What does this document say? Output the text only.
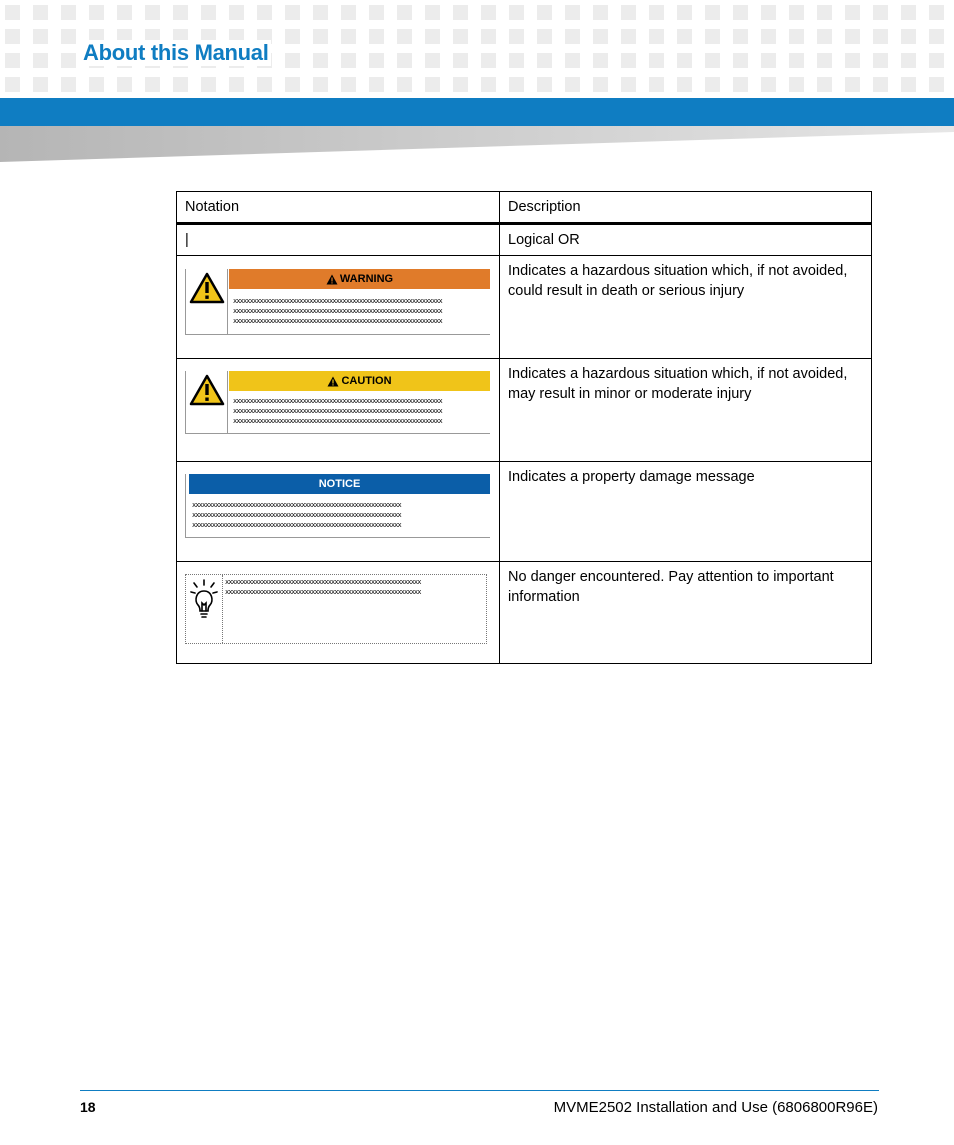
About this Manual
Notation	Description
|	Logical OR

WARNING
xxxxxxxxxxxxxxxxxxxxxxxxxxxxxxxxxxxxxxxxxxxxxxxxxxxxxxxxxxxxxxx
xxxxxxxxxxxxxxxxxxxxxxxxxxxxxxxxxxxxxxxxxxxxxxxxxxxxxxxxxxxxxxx
xxxxxxxxxxxxxxxxxxxxxxxxxxxxxxxxxxxxxxxxxxxxxxxxxxxxxxxxxxxxxxx	Indicates a hazardous situation which, if not avoided, could result in death or serious injury

CAUTION
xxxxxxxxxxxxxxxxxxxxxxxxxxxxxxxxxxxxxxxxxxxxxxxxxxxxxxxxxxxxxxx
xxxxxxxxxxxxxxxxxxxxxxxxxxxxxxxxxxxxxxxxxxxxxxxxxxxxxxxxxxxxxxx
xxxxxxxxxxxxxxxxxxxxxxxxxxxxxxxxxxxxxxxxxxxxxxxxxxxxxxxxxxxxxxx	Indicates a hazardous situation which, if not avoided, may result in minor or moderate injury

NOTICE
xxxxxxxxxxxxxxxxxxxxxxxxxxxxxxxxxxxxxxxxxxxxxxxxxxxxxxxxxxxxxxx
xxxxxxxxxxxxxxxxxxxxxxxxxxxxxxxxxxxxxxxxxxxxxxxxxxxxxxxxxxxxxxx
xxxxxxxxxxxxxxxxxxxxxxxxxxxxxxxxxxxxxxxxxxxxxxxxxxxxxxxxxxxxxxx	Indicates a property damage message

xxxxxxxxxxxxxxxxxxxxxxxxxxxxxxxxxxxxxxxxxxxxxxxxxxxxxxxxxxx
xxxxxxxxxxxxxxxxxxxxxxxxxxxxxxxxxxxxxxxxxxxxxxxxxxxxxxxxxxx	No danger encountered. Pay attention to important information
18	MVME2502 Installation and Use (6806800R96E)
